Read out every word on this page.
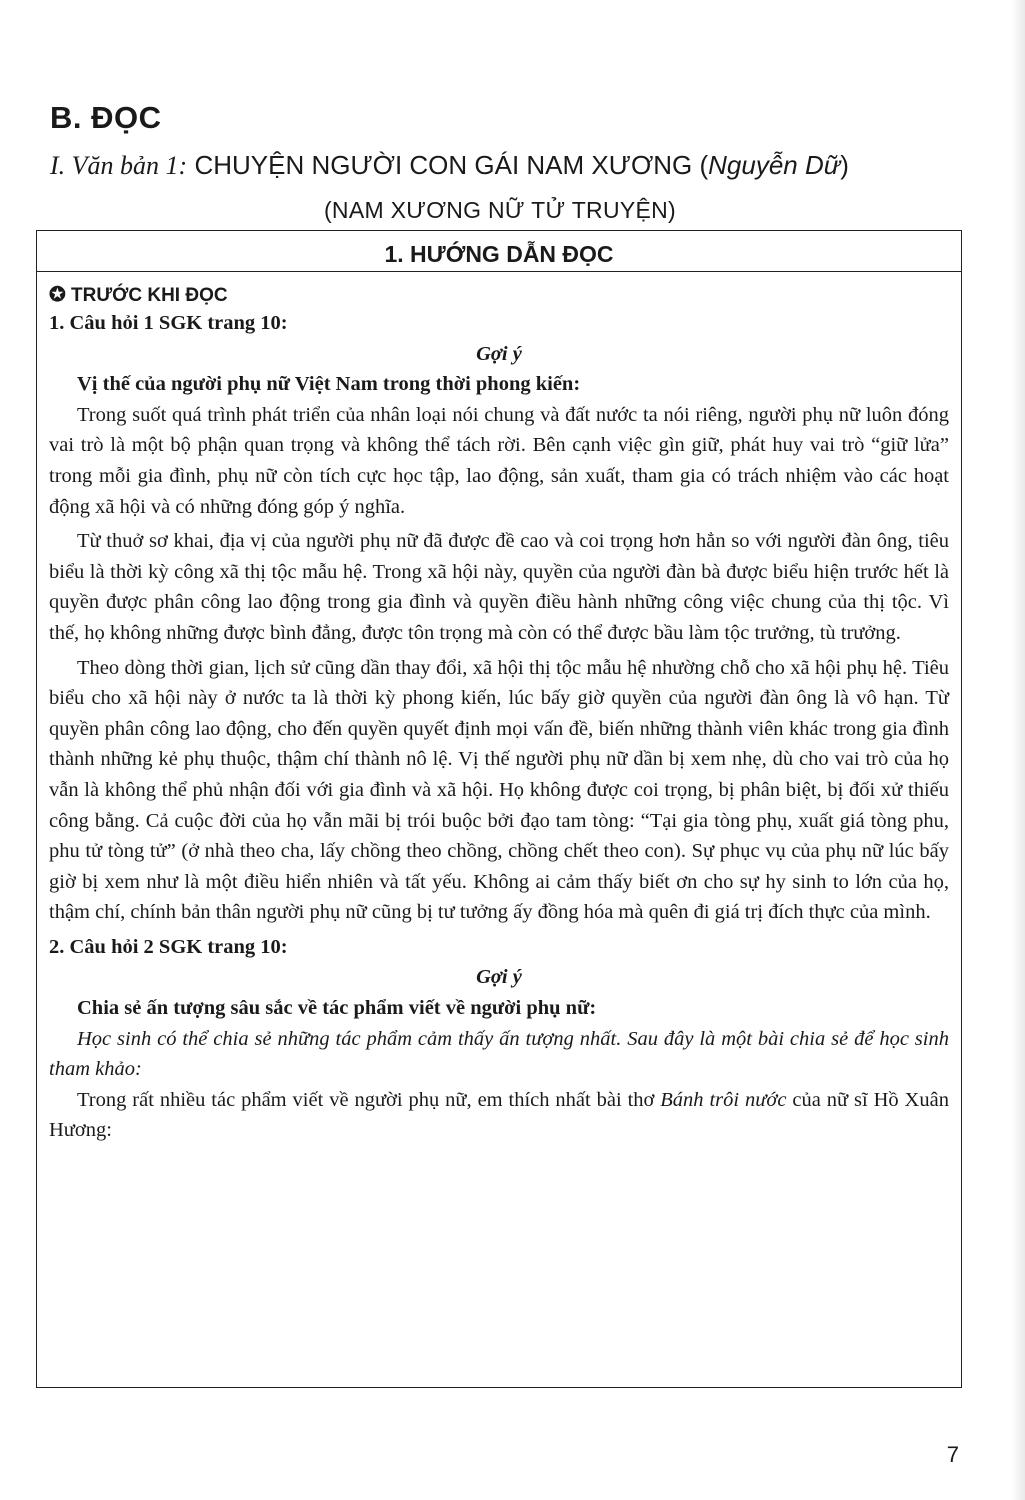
B. ĐỌC
I. Văn bản 1: CHUYỆN NGƯỜI CON GÁI NAM XƯƠNG (Nguyễn Dữ)
(NAM XƯƠNG NỮ TỬ TRUYỆN)
1. HƯỚNG DẪN ĐỌC
✪ TRƯỚC KHI ĐỌC
1. Câu hỏi 1 SGK trang 10:
Gợi ý
Vị thế của người phụ nữ Việt Nam trong thời phong kiến:

Trong suốt quá trình phát triển của nhân loại nói chung và đất nước ta nói riêng, người phụ nữ luôn đóng vai trò là một bộ phận quan trọng và không thể tách rời. Bên cạnh việc gìn giữ, phát huy vai trò “giữ lửa” trong mỗi gia đình, phụ nữ còn tích cực học tập, lao động, sản xuất, tham gia có trách nhiệm vào các hoạt động xã hội và có những đóng góp ý nghĩa.

Từ thuở sơ khai, địa vị của người phụ nữ đã được đề cao và coi trọng hơn hẳn so với người đàn ông, tiêu biểu là thời kỳ công xã thị tộc mẫu hệ. Trong xã hội này, quyền của người đàn bà được biểu hiện trước hết là quyền được phân công lao động trong gia đình và quyền điều hành những công việc chung của thị tộc. Vì thế, họ không những được bình đẳng, được tôn trọng mà còn có thể được bầu làm tộc trưởng, tù trưởng.

Theo dòng thời gian, lịch sử cũng dần thay đổi, xã hội thị tộc mẫu hệ nhường chỗ cho xã hội phụ hệ. Tiêu biểu cho xã hội này ở nước ta là thời kỳ phong kiến, lúc bấy giờ quyền của người đàn ông là vô hạn. Từ quyền phân công lao động, cho đến quyền quyết định mọi vấn đề, biến những thành viên khác trong gia đình thành những kẻ phụ thuộc, thậm chí thành nô lệ. Vị thế người phụ nữ dần bị xem nhẹ, dù cho vai trò của họ vẫn là không thể phủ nhận đối với gia đình và xã hội. Họ không được coi trọng, bị phân biệt, bị đối xử thiếu công bằng. Cả cuộc đời của họ vẫn mãi bị trói buộc bởi đạo tam tòng: “Tại gia tòng phụ, xuất giá tòng phu, phu tử tòng tử” (ở nhà theo cha, lấy chồng theo chồng, chồng chết theo con). Sự phục vụ của phụ nữ lúc bấy giờ bị xem như là một điều hiển nhiên và tất yếu. Không ai cảm thấy biết ơn cho sự hy sinh to lớn của họ, thậm chí, chính bản thân người phụ nữ cũng bị tư tưởng ấy đồng hóa mà quên đi giá trị đích thực của mình.

2. Câu hỏi 2 SGK trang 10:
Gợi ý
Chia sẻ ấn tượng sâu sắc về tác phẩm viết về người phụ nữ:

Học sinh có thể chia sẻ những tác phẩm cảm thấy ấn tượng nhất. Sau đây là một bài chia sẻ để học sinh tham khảo:

Trong rất nhiều tác phẩm viết về người phụ nữ, em thích nhất bài thơ Bánh trôi nước của nữ sĩ Hồ Xuân Hương:

7
